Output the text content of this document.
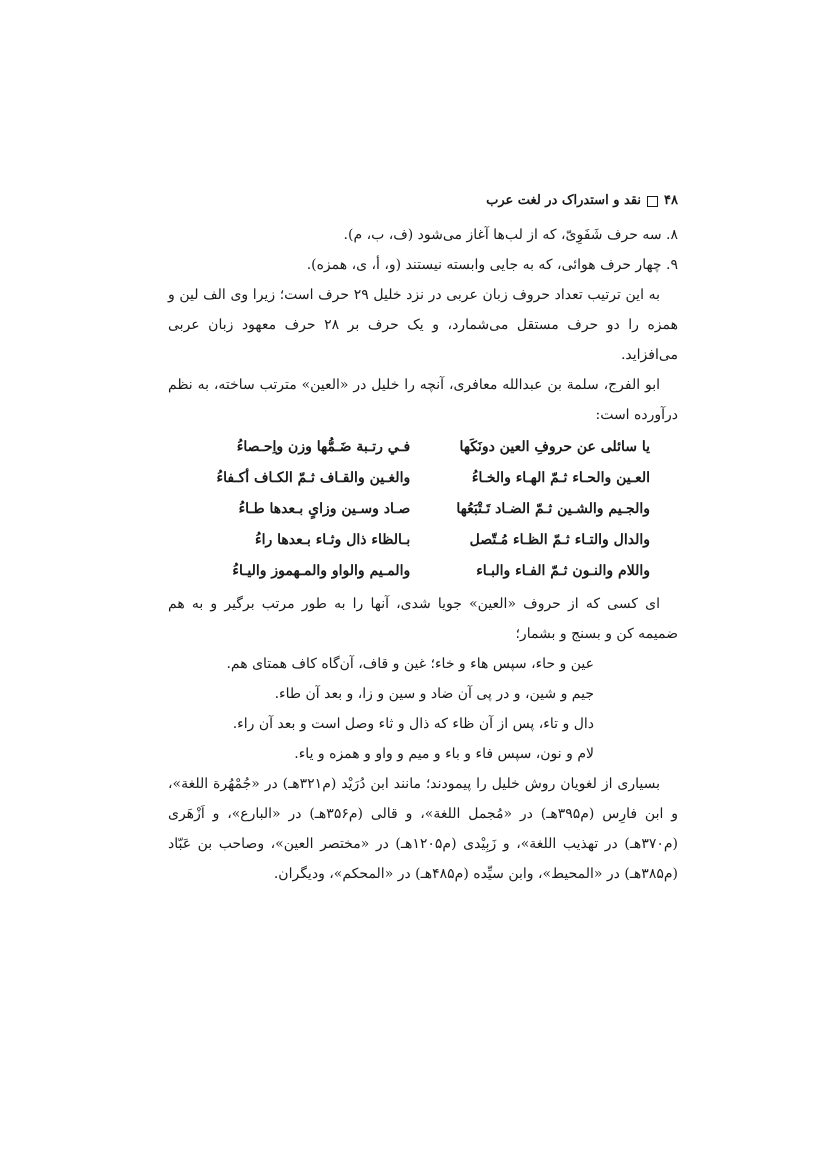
۴۸
نقد و استدراک در لغت عرب

۸. سه حرف شَفَوِیّ، که از لب‌ها آغاز می‌شود (ف، ب، م).

۹. چهار حرف هوائی، که به جایی وابسته نیستند (و، أ، ی، همزه).

به این ترتیب تعداد حروف زبان عربی در نزد خلیل ۲۹ حرف است؛ زیرا وی الف لین و همزه را دو حرف مستقل می‌شمارد، و یک حرف بر ۲۸ حرف معهود زبان عربی می‌افزاید.

ابو الفرج، سلمة بن عبدالله معافری، آنچه را خلیل در «العین» مترتب ساخته، به نظم درآورده است:

یا سائلی عن حروفِ العین دونَکَها
فـي رتـبة ضَـمُّها وزن واِحـصاءُ
العـین والحـاء ثـمّ الهـاء والخـاءُ
والغـین والقـاف ثـمّ الکـاف أکـفاءُ
والجـیم والشـین ثـمّ الضـاد تَـتْبَعُها
صـاد وسـین وزایٍ بـعدها طـاءُ
والدال والتـاء ثـمّ الظـاء مُـتّصل
بـالظاء ذال وثـاء بـعدها راءُ
واللام والنـون ثـمّ الفـاء والبـاء
والمـیم والواو والمـهموز والیـاءُ

ای کسی که از حروف «العین» جویا شدی، آنها را به طور مرتب برگیر و به هم ضمیمه کن و بسنج و بشمار؛

عین و حاء، سپس هاء و خاء؛ غین و قاف، آن‌گاه کاف همتای هم.

جیم و شین، و در پی آن ضاد و سین و زا، و بعد آن طاء.

دال و تاء، پس از آن ظاء که ذال و ثاء وصل است و بعد آن راء.

لام و نون، سپس فاء و باء و میم و واو و همزه و یاء.

بسیاری از لغویان روش خلیل را پیمودند؛ مانند ابن دُرَیْد (م۳۲۱هـ) در «جُمْهُرة اللغة»، و ابن فارِس (م۳۹۵هـ) در «مُجمل اللغة»، و قالی (م۳۵۶هـ) در «البارع»، و اَزْهَری (م۳۷۰هـ) در تهذیب اللغة»، و زَبِیْدی (م۱۲۰۵هـ) در «مختصر العین»، وصاحب بن عَبّاد (م۳۸۵هـ) در «المحیط»، وابن سیِّده (م۴۸۵هـ) در «المحکم»، ودیگران.
